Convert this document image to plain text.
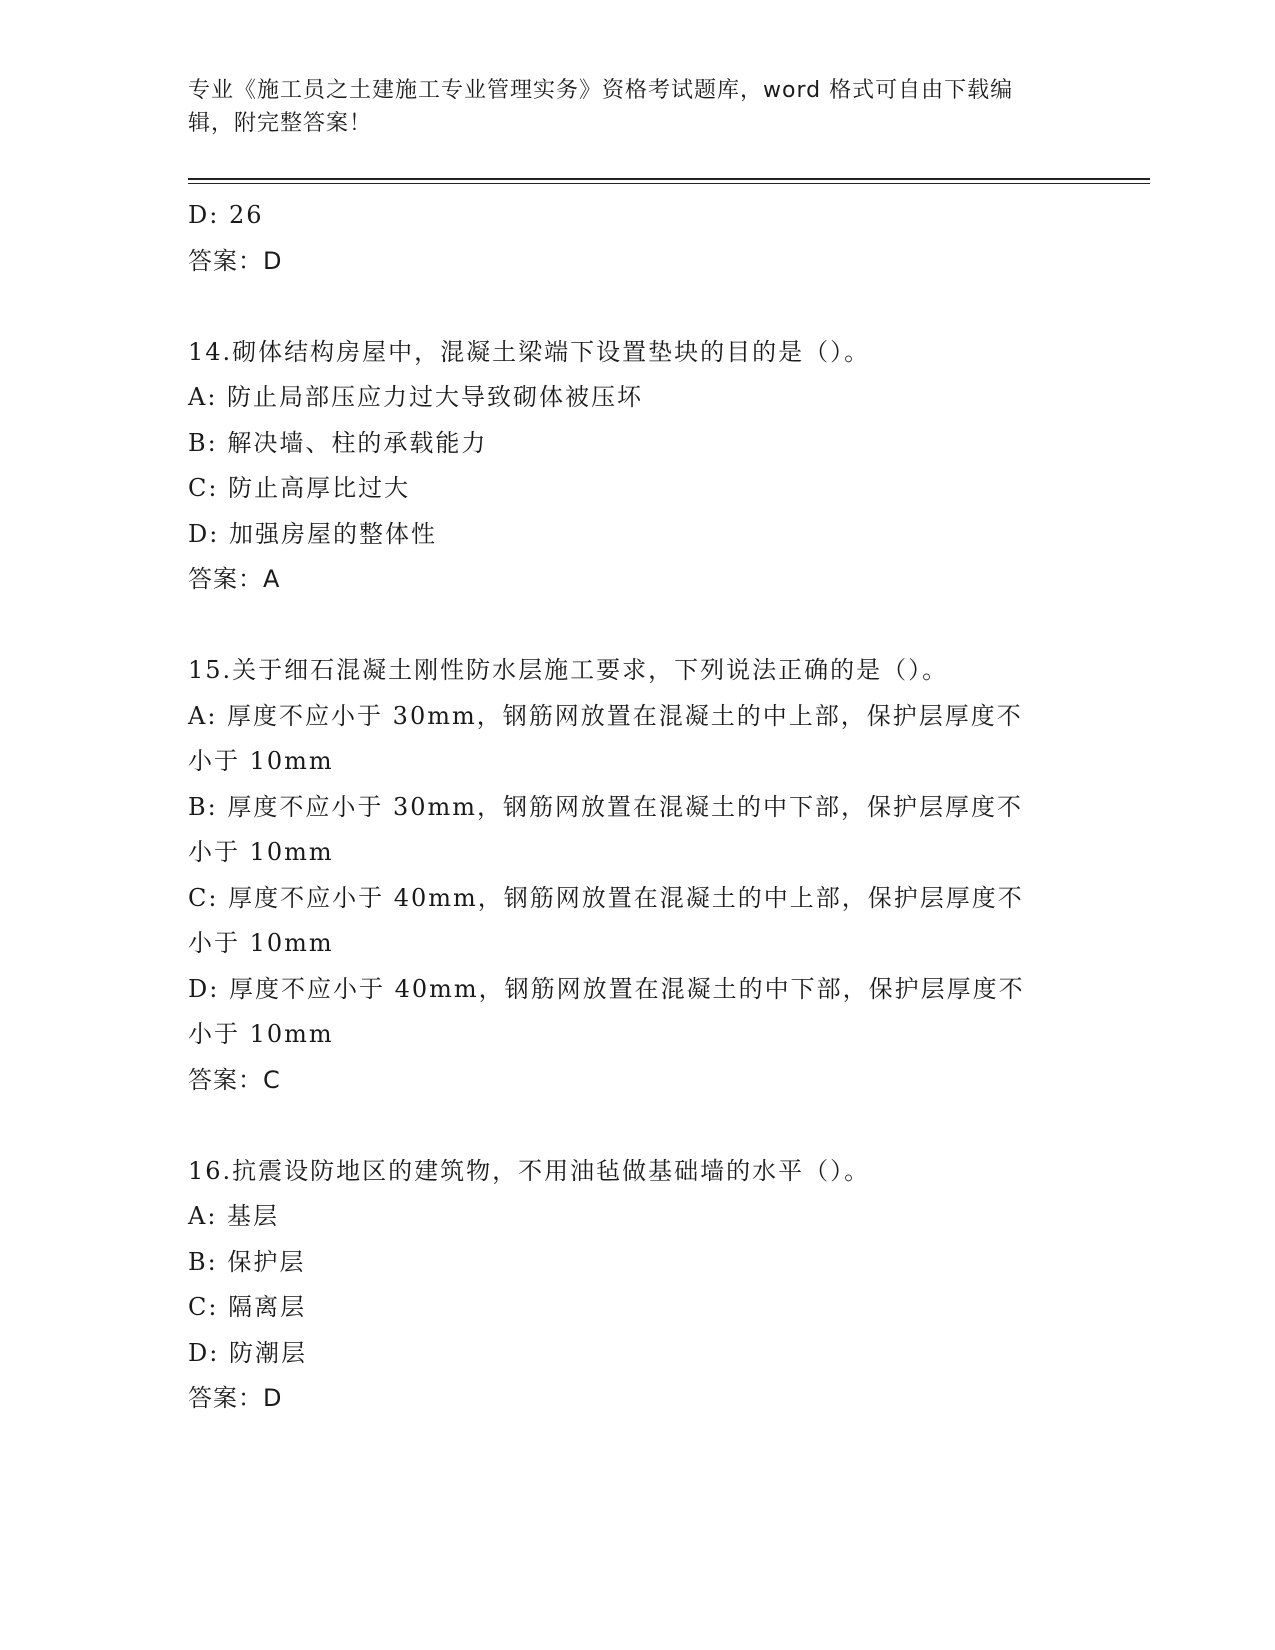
专业《施工员之土建施工专业管理实务》资格考试题库，word 格式可自由下载编
辑，附完整答案！
D: 26
答案：D
14.砌体结构房屋中，混凝土梁端下设置垫块的目的是（）。
A: 防止局部压应力过大导致砌体被压坏
B: 解决墙、柱的承载能力
C: 防止高厚比过大
D: 加强房屋的整体性
答案：A
15.关于细石混凝土刚性防水层施工要求，下列说法正确的是（）。
A: 厚度不应小于 30mm，钢筋网放置在混凝土的中上部，保护层厚度不
小于 10mm
B: 厚度不应小于 30mm，钢筋网放置在混凝土的中下部，保护层厚度不
小于 10mm
C: 厚度不应小于 40mm，钢筋网放置在混凝土的中上部，保护层厚度不
小于 10mm
D: 厚度不应小于 40mm，钢筋网放置在混凝土的中下部，保护层厚度不
小于 10mm
答案：C
16.抗震设防地区的建筑物，不用油毡做基础墙的水平（）。
A: 基层
B: 保护层
C: 隔离层
D: 防潮层
答案：D
